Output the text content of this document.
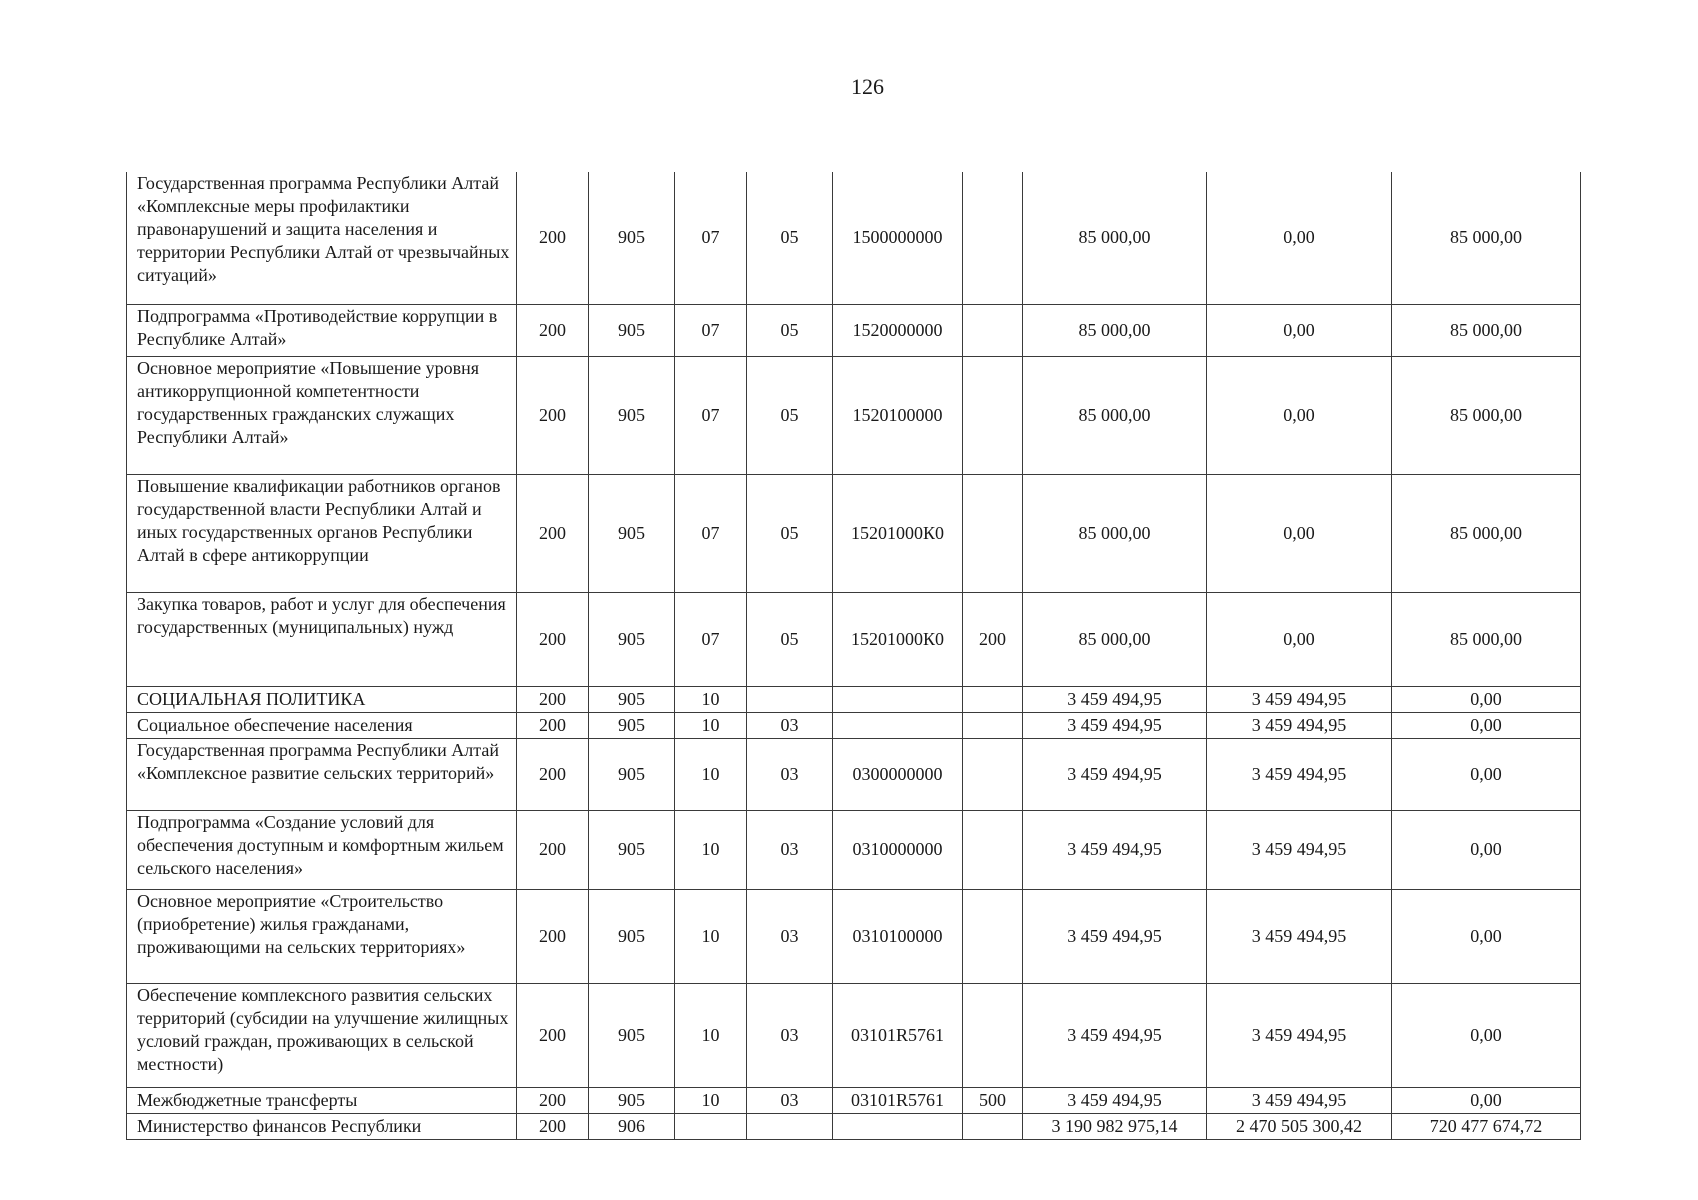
126
Государственная программа Республики Алтай «Комплексные меры профилактики правонарушений и защита населения и территории Республики Алтай от чрезвычайных ситуаций»	200	905	07	05	1500000000		85 000,00	0,00	85 000,00
Подпрограмма «Противодействие коррупции в Республике Алтай»	200	905	07	05	1520000000		85 000,00	0,00	85 000,00
Основное мероприятие «Повышение уровня антикоррупционной компетентности государственных гражданских служащих Республики Алтай»	200	905	07	05	1520100000		85 000,00	0,00	85 000,00
Повышение квалификации работников органов государственной власти Республики Алтай и иных государственных органов Республики Алтай в сфере антикоррупции	200	905	07	05	15201000К0		85 000,00	0,00	85 000,00
Закупка товаров, работ и услуг для обеспечения государственных (муниципальных) нужд	200	905	07	05	15201000К0	200	85 000,00	0,00	85 000,00
СОЦИАЛЬНАЯ ПОЛИТИКА	200	905	10				3 459 494,95	3 459 494,95	0,00
Социальное обеспечение населения	200	905	10	03			3 459 494,95	3 459 494,95	0,00
Государственная программа Республики Алтай «Комплексное развитие сельских территорий»	200	905	10	03	0300000000		3 459 494,95	3 459 494,95	0,00
Подпрограмма «Создание условий для обеспечения доступным и комфортным жильем сельского населения»	200	905	10	03	0310000000		3 459 494,95	3 459 494,95	0,00
Основное мероприятие «Строительство (приобретение) жилья гражданами, проживающими на сельских территориях»	200	905	10	03	0310100000		3 459 494,95	3 459 494,95	0,00
Обеспечение комплексного развития сельских территорий (субсидии на улучшение жилищных условий граждан, проживающих в сельской местности)	200	905	10	03	03101R5761		3 459 494,95	3 459 494,95	0,00
Межбюджетные трансферты	200	905	10	03	03101R5761	500	3 459 494,95	3 459 494,95	0,00
Министерство финансов Республики	200	906					3 190 982 975,14	2 470 505 300,42	720 477 674,72
